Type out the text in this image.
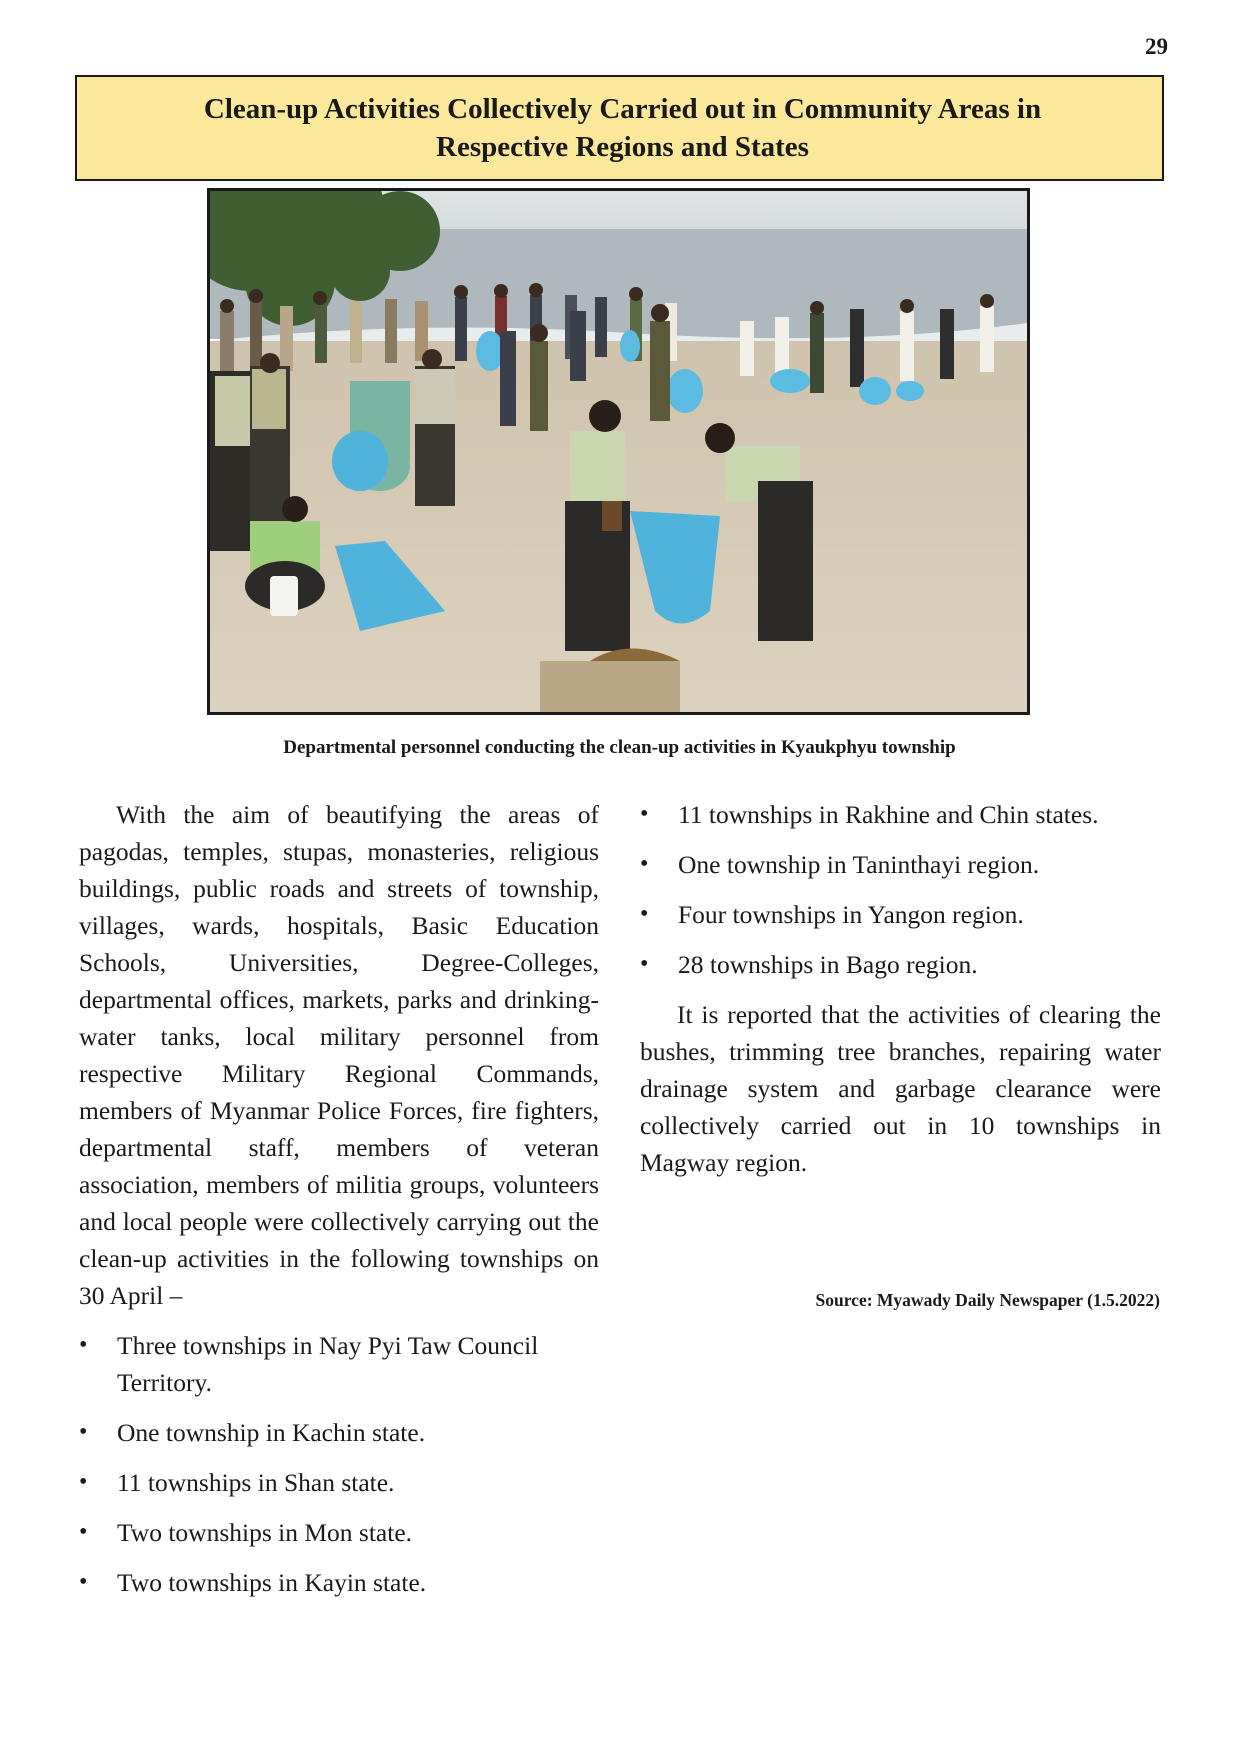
29
Clean-up Activities Collectively Carried out in Community Areas in
Respective Regions and States
Departmental personnel conducting the clean-up activities in Kyaukphyu township

With the aim of beautifying the areas of pagodas, temples, stupas, monasteries, religious buildings, public roads and streets of township, villages, wards, hospitals, Basic Education Schools, Universities, Degree-Colleges, departmental offices, markets, parks and drinking-water tanks, local military personnel from respective Military Regional Commands, members of Myanmar Police Forces, fire fighters, departmental staff, members of veteran association, members of militia groups, volunteers and local people were collectively carrying out the clean-up activities in the following townships on 30 April –

• Three townships in Nay Pyi Taw Council Territory.
• One township in Kachin state.
• 11 townships in Shan state.
• Two townships in Mon state.
• Two townships in Kayin state.
• 11 townships in Rakhine and Chin states.
• One township in Taninthayi region.
• Four townships in Yangon region.
• 28 townships in Bago region.

It is reported that the activities of clearing the bushes, trimming tree branches, repairing water drainage system and garbage clearance were collectively carried out in 10 townships in Magway region.

Source: Myawady Daily Newspaper (1.5.2022)
